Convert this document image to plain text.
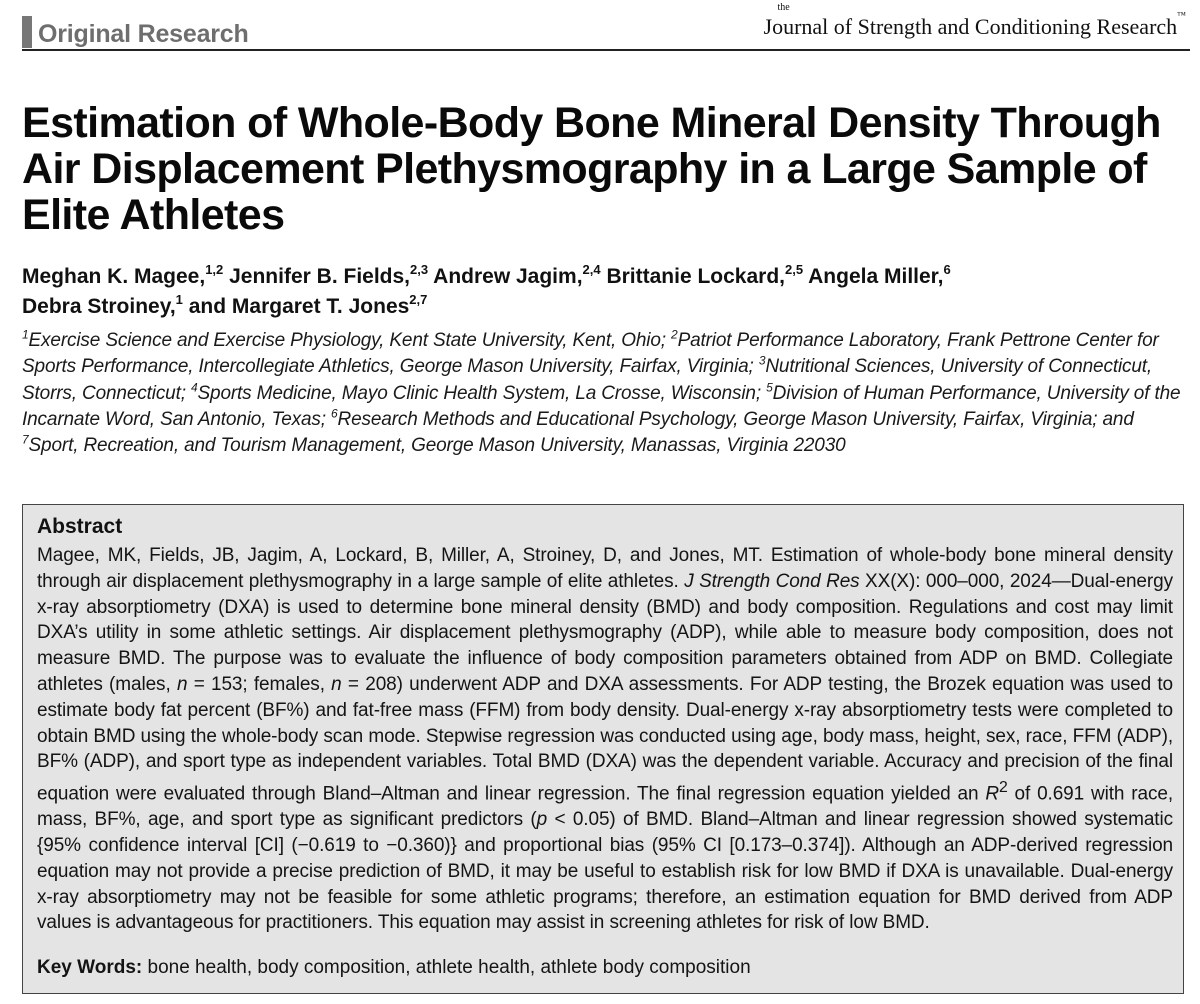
Original Research
the
Journal of Strength and Conditioning Research™
Estimation of Whole-Body Bone Mineral Density Through Air Displacement Plethysmography in a Large Sample of Elite Athletes

Meghan K. Magee,$^{1,2}$ Jennifer B. Fields,$^{2,3}$ Andrew Jagim,$^{2,4}$ Brittanie Lockard,$^{2,5}$ Angela Miller,$^6$
Debra Stroiney,$^1$ and Margaret T. Jones$^{2,7}$

$^1$Exercise Science and Exercise Physiology, Kent State University, Kent, Ohio; $^2$Patriot Performance Laboratory, Frank Pettrone Center for Sports Performance, Intercollegiate Athletics, George Mason University, Fairfax, Virginia; $^3$Nutritional Sciences, University of Connecticut, Storrs, Connecticut; $^4$Sports Medicine, Mayo Clinic Health System, La Crosse, Wisconsin; $^5$Division of Human Performance, University of the Incarnate Word, San Antonio, Texas; $^6$Research Methods and Educational Psychology, George Mason University, Fairfax, Virginia; and $^7$Sport, Recreation, and Tourism Management, George Mason University, Manassas, Virginia 22030

Abstract

Magee, MK, Fields, JB, Jagim, A, Lockard, B, Miller, A, Stroiney, D, and Jones, MT. Estimation of whole-body bone mineral density through air displacement plethysmography in a large sample of elite athletes. J Strength Cond Res XX(X): 000–000, 2024—Dual-energy x-ray absorptiometry (DXA) is used to determine bone mineral density (BMD) and body composition. Regulations and cost may limit DXA’s utility in some athletic settings. Air displacement plethysmography (ADP), while able to measure body composition, does not measure BMD. The purpose was to evaluate the influence of body composition parameters obtained from ADP on BMD. Collegiate athletes (males, n = 153; females, n = 208) underwent ADP and DXA assessments. For ADP testing, the Brozek equation was used to estimate body fat percent (BF%) and fat-free mass (FFM) from body density. Dual-energy x-ray absorptiometry tests were completed to obtain BMD using the whole-body scan mode. Stepwise regression was conducted using age, body mass, height, sex, race, FFM (ADP), BF% (ADP), and sport type as independent variables. Total BMD (DXA) was the dependent variable. Accuracy and precision of the final equation were evaluated through Bland–Altman and linear regression. The final regression equation yielded an $R^2$ of 0.691 with race, mass, BF%, age, and sport type as significant predictors (p < 0.05) of BMD. Bland–Altman and linear regression showed systematic {95% confidence interval [CI] (−0.619 to −0.360)} and proportional bias (95% CI [0.173–0.374]). Although an ADP-derived regression equation may not provide a precise prediction of BMD, it may be useful to establish risk for low BMD if DXA is unavailable. Dual-energy x-ray absorptiometry may not be feasible for some athletic programs; therefore, an estimation equation for BMD derived from ADP values is advantageous for practitioners. This equation may assist in screening athletes for risk of low BMD.

Key Words: bone health, body composition, athlete health, athlete body composition
